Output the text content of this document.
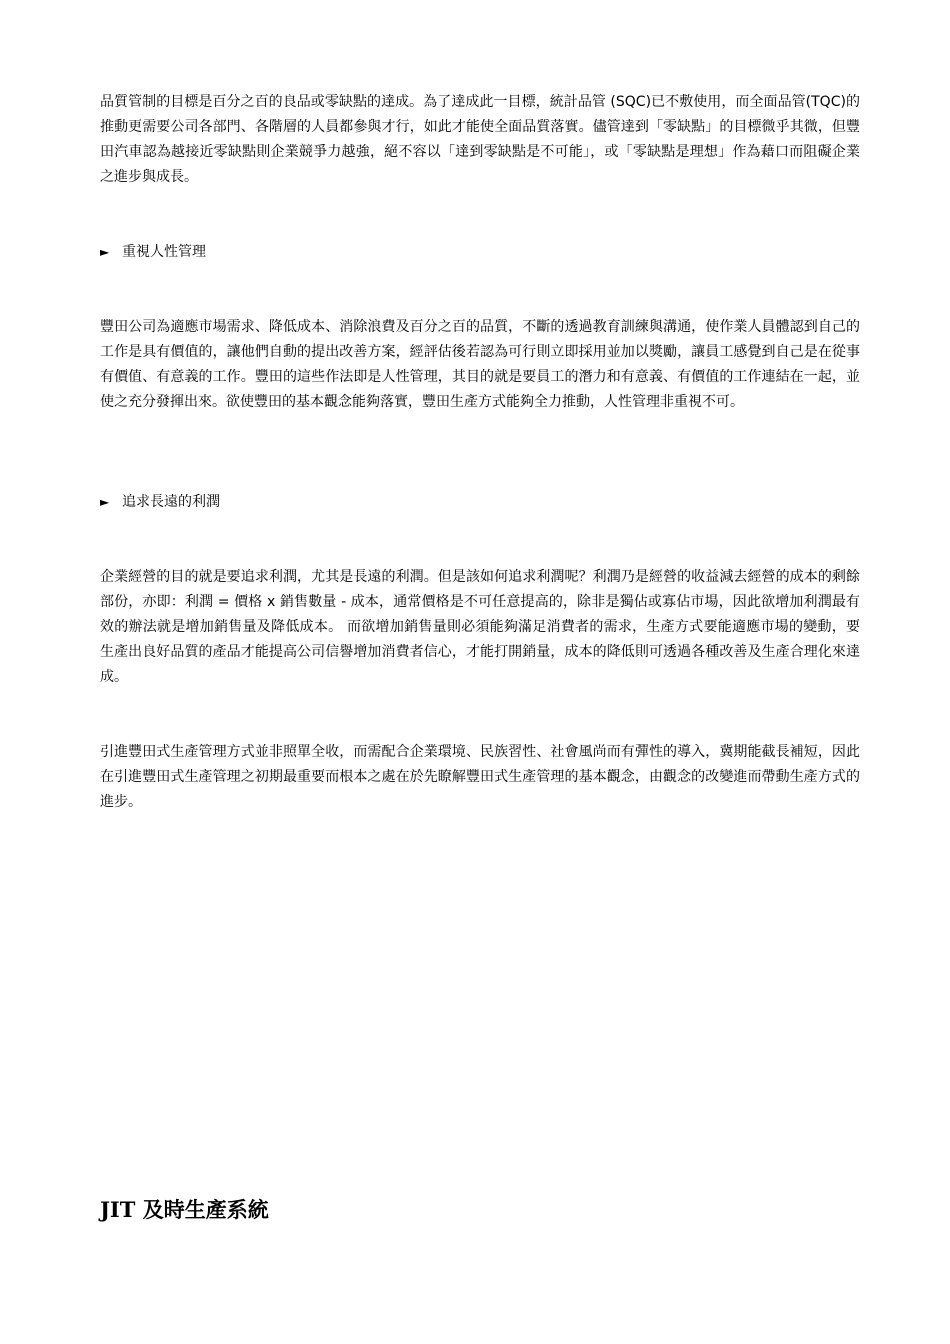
品質管制的目標是百分之百的良品或零缺點的達成。為了達成此一目標，統計品管 (SQC)已不敷使用，而全面品管(TQC)的推動更需要公司各部門、各階層的人員都參與才行，如此才能使全面品質落實。儘管達到「零缺點」的目標微乎其微，但豐田汽車認為越接近零缺點則企業競爭力越強，絕不容以「達到零缺點是不可能」，或「零缺點是理想」作為藉口而阻礙企業之進步與成長。

► 重視人性管理

豐田公司為適應市場需求、降低成本、消除浪費及百分之百的品質，不斷的透過教育訓練與溝通，使作業人員體認到自己的工作是具有價值的，讓他們自動的提出改善方案，經評估後若認為可行則立即採用並加以獎勵，讓員工感覺到自己是在從事有價值、有意義的工作。豐田的這些作法即是人性管理，其目的就是要員工的潛力和有意義、有價值的工作連結在一起，並使之充分發揮出來。欲使豐田的基本觀念能夠落實，豐田生產方式能夠全力推動，人性管理非重視不可。

► 追求長遠的利潤

企業經營的目的就是要追求利潤，尤其是長遠的利潤。但是該如何追求利潤呢？利潤乃是經營的收益減去經營的成本的剩餘部份，亦即：利潤 = 價格 x 銷售數量 - 成本，通常價格是不可任意提高的，除非是獨佔或寡佔市場，因此欲增加利潤最有效的辦法就是增加銷售量及降低成本。 而欲增加銷售量則必須能夠滿足消費者的需求，生產方式要能適應市場的變動，要生產出良好品質的產品才能提高公司信譽增加消費者信心，才能打開銷量，成本的降低則可透過各種改善及生產合理化來達成。

引進豐田式生產管理方式並非照單全收，而需配合企業環境、民族習性、社會風尚而有彈性的導入，冀期能截長補短，因此在引進豐田式生產管理之初期最重要而根本之處在於先瞭解豐田式生產管理的基本觀念，由觀念的改變進而帶動生產方式的進步。

JIT 及時生產系統
